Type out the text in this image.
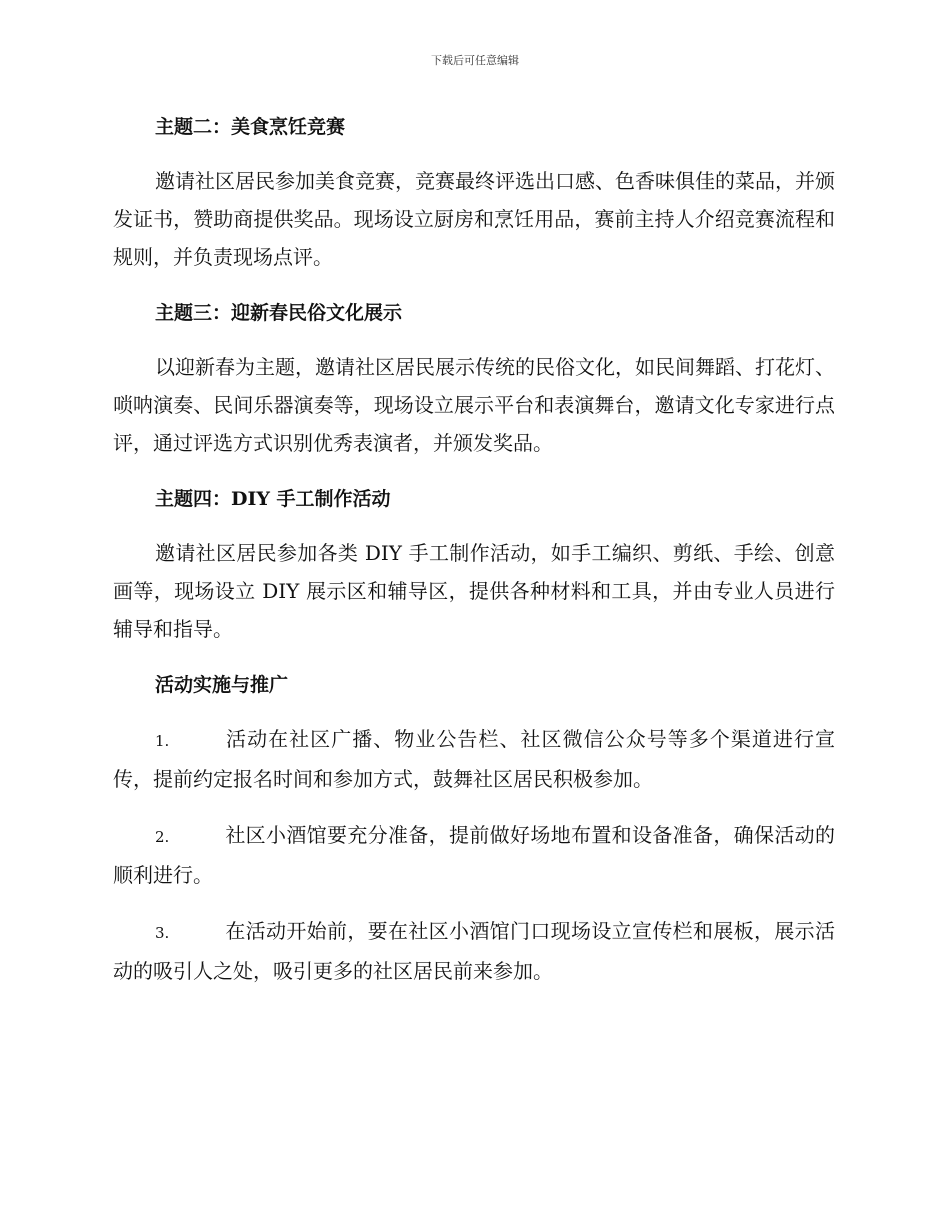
下载后可任意编辑
主题二：美食烹饪竞赛

邀请社区居民参加美食竞赛，竞赛最终评选出口感、色香味俱佳的菜品，并颁发证书，赞助商提供奖品。现场设立厨房和烹饪用品，赛前主持人介绍竞赛流程和规则，并负责现场点评。

主题三：迎新春民俗文化展示

以迎新春为主题，邀请社区居民展示传统的民俗文化，如民间舞蹈、打花灯、唢呐演奏、民间乐器演奏等，现场设立展示平台和表演舞台，邀请文化专家进行点评，通过评选方式识别优秀表演者，并颁发奖品。

主题四：DIY 手工制作活动

邀请社区居民参加各类 DIY 手工制作活动，如手工编织、剪纸、手绘、创意画等，现场设立 DIY 展示区和辅导区，提供各种材料和工具，并由专业人员进行辅导和指导。

活动实施与推广

1.	活动在社区广播、物业公告栏、社区微信公众号等多个渠道进行宣传，提前约定报名时间和参加方式，鼓舞社区居民积极参加。

2.	社区小酒馆要充分准备，提前做好场地布置和设备准备，确保活动的顺利进行。

3.	在活动开始前，要在社区小酒馆门口现场设立宣传栏和展板，展示活动的吸引人之处，吸引更多的社区居民前来参加。
